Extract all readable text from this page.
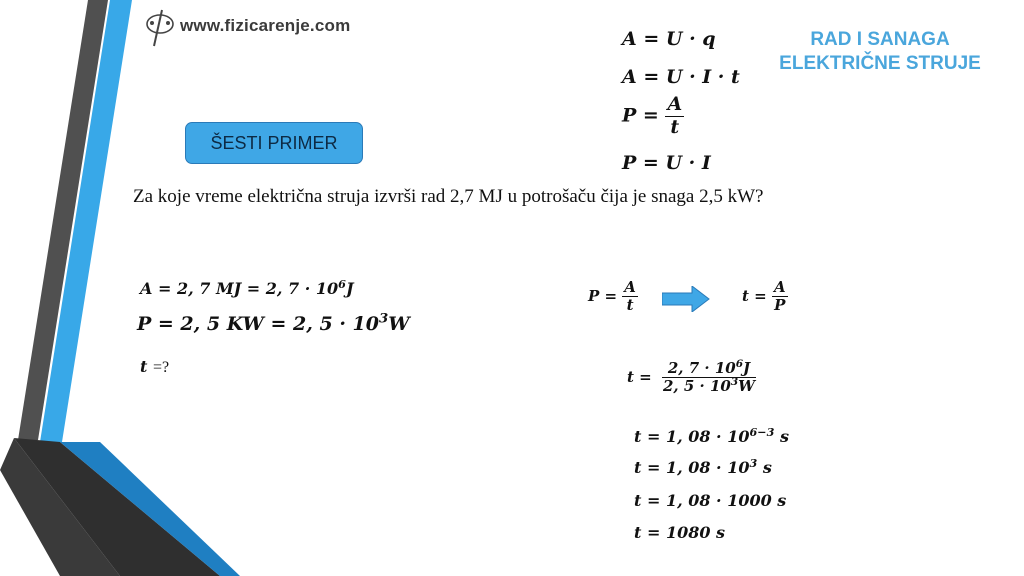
www.fizicarenje.com
RAD I SANAGA
ELEKTRIČNE STRUJE
A = U · q
A = U · I · t
$P = \frac{A}{t}$
P = U · I
ŠESTI PRIMER
Za koje vreme električna struja izvrši rad 2,7 MJ u potrošaču čija je snaga 2,5 kW?
A = 2, 7 MJ = 2, $7 \cdot 10^6J$
P = 2, 5 KW = 2, $5 \cdot 10^3W$
t =?
$P = \frac{A}{t}$	$t = \frac{A}{P}$
$t = \frac{2, 7 \cdot 10^6J}{2, 5 \cdot 10^3W}$
t = 1, $08 \cdot 10^{6-3}$ s
t = 1, $08 \cdot 10^3$ s
t = 1, 08 · 1000 s
t = 1080 s
